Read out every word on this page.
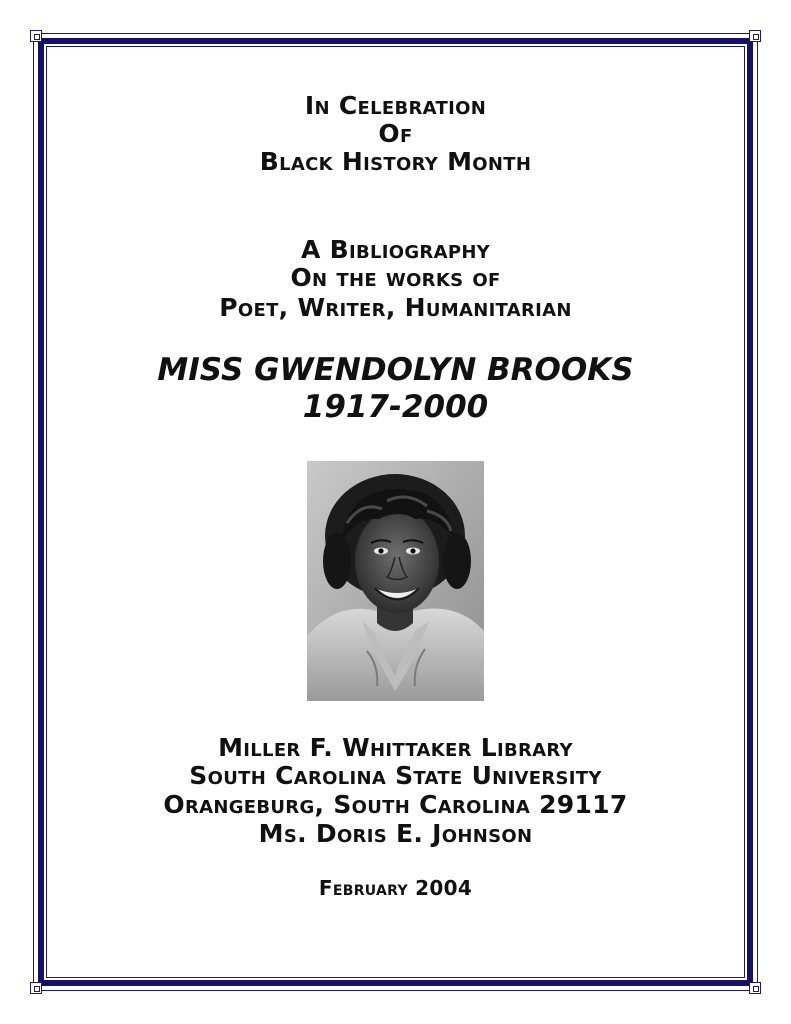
In Celebration
Of
Black History Month
A Bibliography
On the works of
Poet, Writer, Humanitarian
MISS GWENDOLYN BROOKS
1917-2000
Miller F. Whittaker Library
South Carolina State University
Orangeburg, South Carolina 29117
Ms. Doris E. Johnson
February 2004
